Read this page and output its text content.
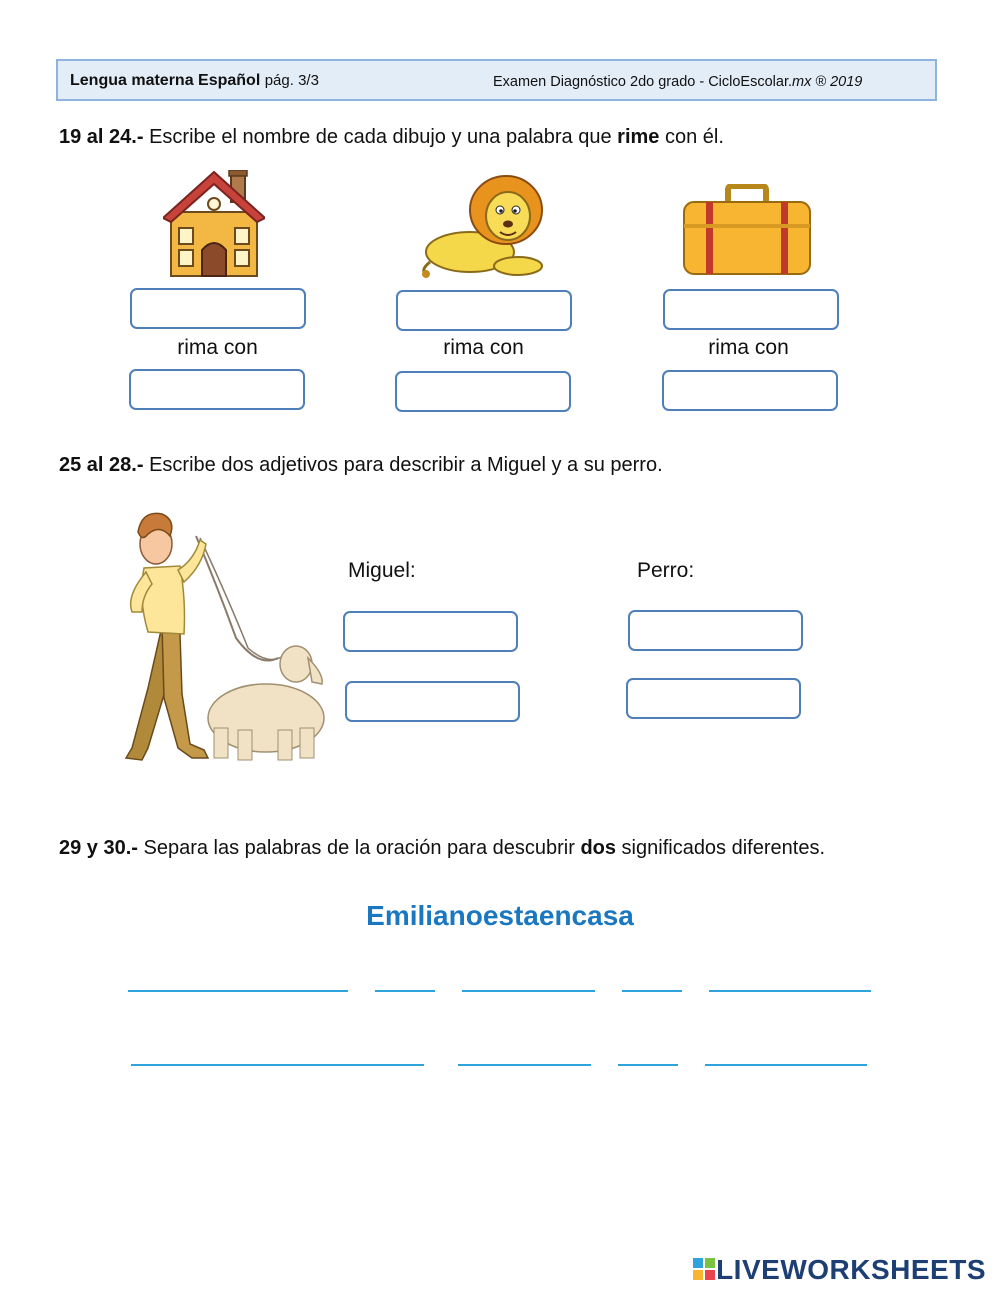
Lengua materna Español pág. 3/3	Examen Diagnóstico 2do grado - CicloEscolar.mx ® 2019
19 al 24.- Escribe el nombre de cada dibujo y una palabra que rime con él.
rima con	rima con	rima con
25 al 28.- Escribe dos adjetivos para describir a Miguel y a su perro.
Miguel:	Perro:
29 y 30.- Separa las palabras de la oración para descubrir dos significados diferentes.
Emilianoestaencasa
LIVEWORKSHEETS
